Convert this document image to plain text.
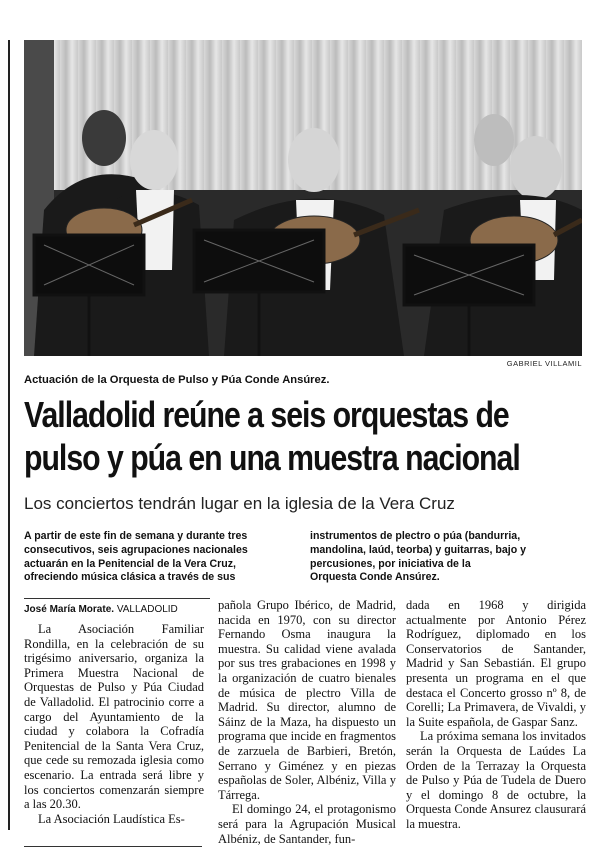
GABRIEL VILLAMIL
Actuación de la Orquesta de Pulso y Púa Conde Ansúrez.
Valladolid reúne a seis orquestas de
pulso y púa en una muestra nacional
Los conciertos tendrán lugar en la iglesia de la Vera Cruz
A partir de este fin de semana y durante tres
consecutivos, seis agrupaciones nacionales
actuarán en la Penitencial de la Vera Cruz,
ofreciendo música clásica a través de sus
instrumentos de plectro o púa (bandurria,
mandolina, laúd, teorba) y guitarras, bajo y
percusiones, por iniciativa de la
Orquesta Conde Ansúrez.
José María Morate. VALLADOLID

La Asociación Familiar Rondilla, en la celebración de su trigésimo aniversario, organiza la Primera Muestra Nacional de Orquestas de Pulso y Púa Ciudad de Valladolid. El patrocinio corre a cargo del Ayuntamiento de la ciudad y colabora la Cofradía Penitencial de la Santa Vera Cruz, que cede su remozada iglesia como escenario. La entrada será libre y los conciertos comenzarán siempre a las 20.30.

La Asociación Laudística Es-

pañola Grupo Ibérico, de Madrid, nacida en 1970, con su director Fernando Osma inaugura la muestra. Su calidad viene avalada por sus tres grabaciones en 1998 y la organización de cuatro bienales de música de plectro Villa de Madrid. Su director, alumno de Sáinz de la Maza, ha dispuesto un programa que incide en fragmentos de zarzuela de Barbieri, Bretón, Serrano y Giménez y en piezas españolas de Soler, Albéniz, Villa y Tárrega.

El domingo 24, el protagonismo será para la Agrupación Musical Albéniz, de Santander, fun-

dada en 1968 y dirigida actualmente por Antonio Pérez Rodríguez, diplomado en los Conservatorios de Santander, Madrid y San Sebastián. El grupo presenta un programa en el que destaca el Concerto grosso nº 8, de Corelli; La Primavera, de Vivaldi, y la Suite española, de Gaspar Sanz.

La próxima semana los invitados serán la Orquesta de Laúdes La Orden de la Terrazay la Orquesta de Pulso y Púa de Tudela de Duero y el domingo 8 de octubre, la Orquesta Conde Ansurez clausurará la muestra.
